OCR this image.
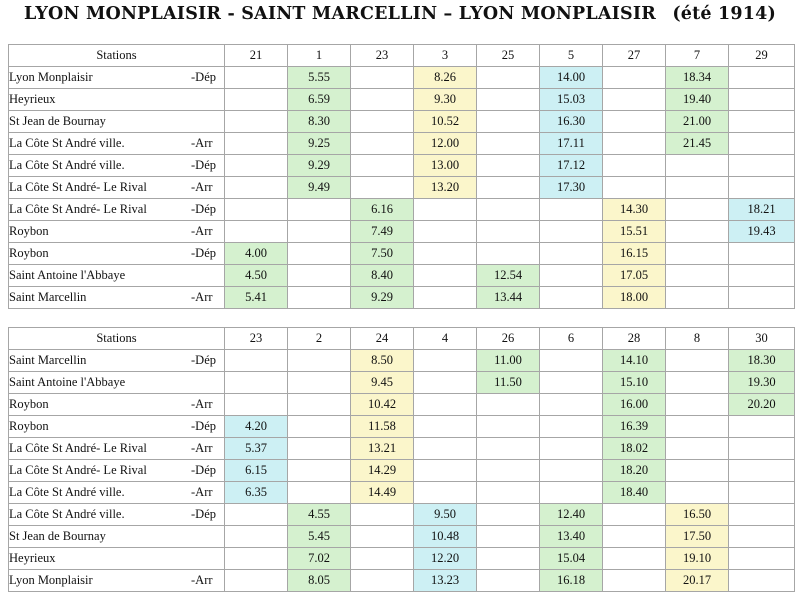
LYON MONPLAISIR - SAINT MARCELLIN – LYON MONPLAISIR (été 1914)
Stations	21	1	23	3	25	5	27	7	29
Lyon Monplaisir -Dép		5.55		8.26		14.00		18.34	
Heyrieux		6.59		9.30		15.03		19.40	
St Jean de Bournay		8.30		10.52		16.30		21.00	
La Côte St André ville. -Arr		9.25		12.00		17.11		21.45	
La Côte St André ville. -Dép		9.29		13.00		17.12			
La Côte St André- Le Rival -Arr		9.49		13.20		17.30			
La Côte St André- Le Rival -Dép			6.16				14.30		18.21
Roybon -Arr			7.49				15.51		19.43
Roybon -Dép	4.00		7.50				16.15		
Saint Antoine l'Abbaye	4.50		8.40		12.54		17.05		
Saint Marcellin -Arr	5.41		9.29		13.44		18.00		
Stations	23	2	24	4	26	6	28	8	30
Saint Marcellin -Dép			8.50		11.00		14.10		18.30
Saint Antoine l'Abbaye			9.45		11.50		15.10		19.30
Roybon -Arr			10.42				16.00		20.20
Roybon -Dép	4.20		11.58				16.39		
La Côte St André- Le Rival -Arr	5.37		13.21				18.02		
La Côte St André- Le Rival -Dép	6.15		14.29				18.20		
La Côte St André ville. -Arr	6.35		14.49				18.40		
La Côte St André ville. -Dép		4.55		9.50		12.40		16.50	
St Jean de Bournay		5.45		10.48		13.40		17.50	
Heyrieux		7.02		12.20		15.04		19.10	
Lyon Monplaisir -Arr		8.05		13.23		16.18		20.17	
